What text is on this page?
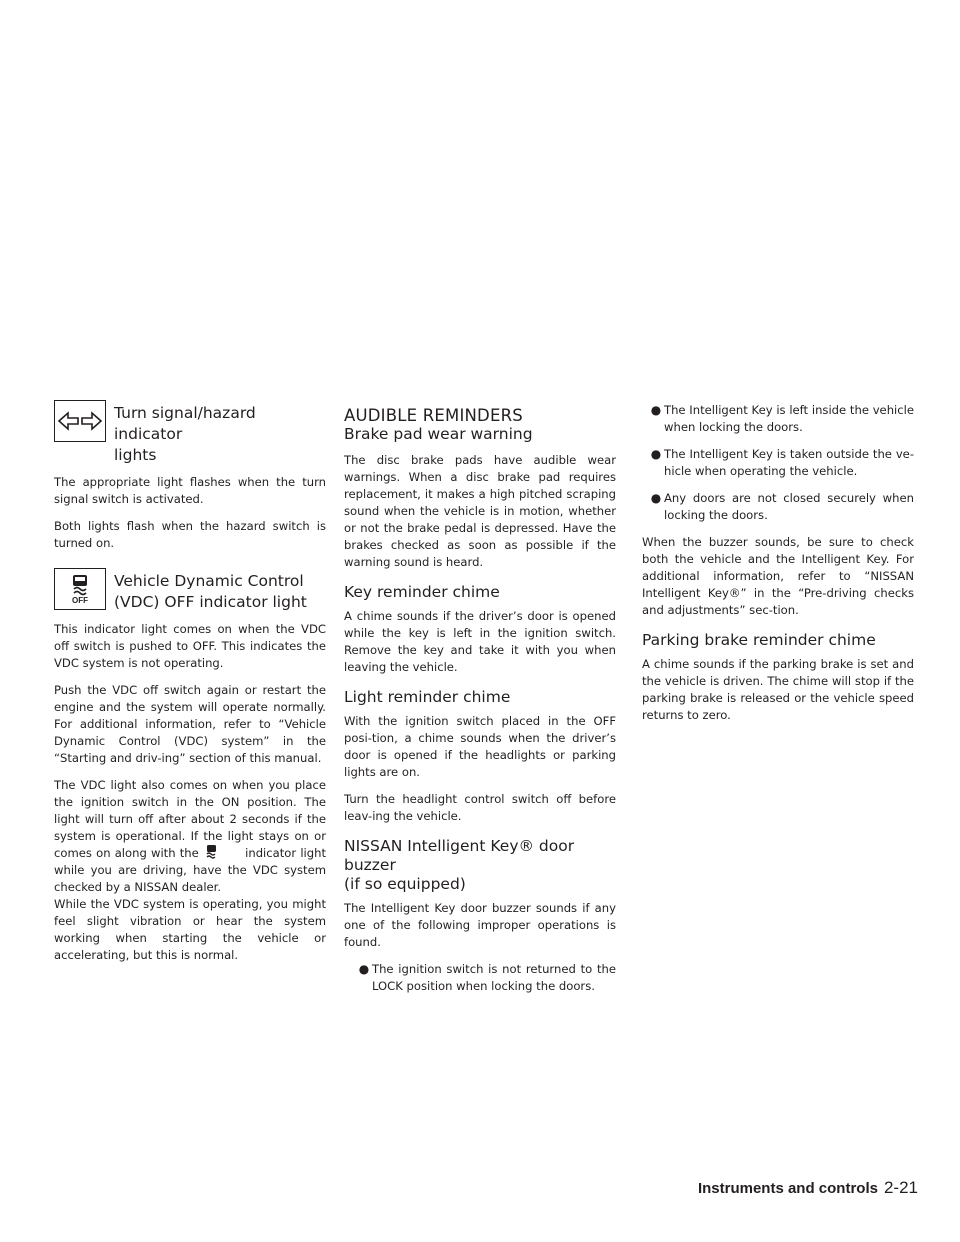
Turn signal/hazard indicator
lights

The appropriate light flashes when the turn signal switch is activated.

Both lights flash when the hazard switch is turned on.

OFF
Vehicle Dynamic Control
(VDC) OFF indicator light

This indicator light comes on when the VDC off switch is pushed to OFF. This indicates the VDC system is not operating.

Push the VDC off switch again or restart the engine and the system will operate normally. For additional information, refer to “Vehicle Dynamic Control (VDC) system” in the “Starting and driv-ing” section of this manual.

The VDC light also comes on when you place the ignition switch in the ON position. The light will turn off after about 2 seconds if the system is operational. If the light stays on or comes on along with the	indicator light while you are driving, have the VDC system checked by a NISSAN dealer.

While the VDC system is operating, you might feel slight vibration or hear the system working when starting the vehicle or accelerating, but this is normal.

AUDIBLE REMINDERS
Brake pad wear warning

The disc brake pads have audible wear warnings. When a disc brake pad requires replacement, it makes a high pitched scraping sound when the vehicle is in motion, whether or not the brake pedal is depressed. Have the brakes checked as soon as possible if the warning sound is heard.

Key reminder chime

A chime sounds if the driver’s door is opened while the key is left in the ignition switch. Remove the key and take it with you when leaving the vehicle.

Light reminder chime

With the ignition switch placed in the OFF posi-tion, a chime sounds when the driver’s door is opened if the headlights or parking lights are on.

Turn the headlight control switch off before leav-ing the vehicle.

NISSAN Intelligent Key® door buzzer
(if so equipped)

The Intelligent Key door buzzer sounds if any one of the following improper operations is found.

● The ignition switch is not returned to the LOCK position when locking the doors.
● The Intelligent Key is left inside the vehicle when locking the doors.
● The Intelligent Key is taken outside the ve-hicle when operating the vehicle.
● Any doors are not closed securely when locking the doors.

When the buzzer sounds, be sure to check both the vehicle and the Intelligent Key. For additional information, refer to “NISSAN Intelligent Key®” in the “Pre-driving checks and adjustments” sec-tion.

Parking brake reminder chime

A chime sounds if the parking brake is set and the vehicle is driven. The chime will stop if the parking brake is released or the vehicle speed returns to zero.

Instruments and controls 2-21
